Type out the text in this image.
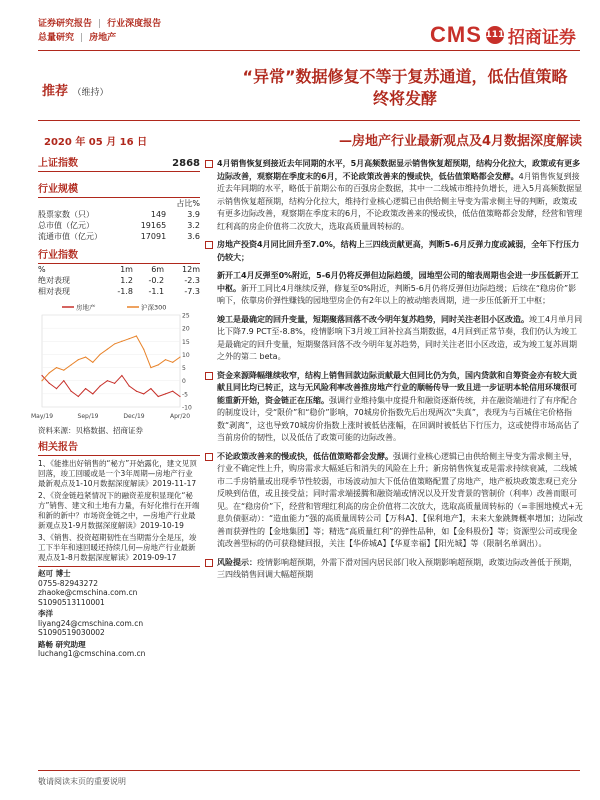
证券研究报告 | 行业深度报告
总量研究 | 房地产	CMS 111 招商证券
推荐 （维持）
“异常”数据修复不等于复苏通道，低估值策略
终将发酵
2020 年 05 月 16 日	—房地产行业最新观点及4月数据深度解读
上证指数	2868
行业规模
		占比%
股票家数（只）	149	3.9
总市值（亿元）	19165	3.2
流通市值（亿元）	17091	3.6
行业指数
%	1m	6m	12m
绝对表现	1.2	-0.2	-2.3
相对表现	-1.8	-1.1	-7.3
25
20
15
10
5
0
-5
-10
May/19	Sep/19	Dec/19	Apr/20
房地产	沪深300
资料来源：贝格数据、招商证券
相关报告

1、《能推出好销售的“秘方”开始露化，建文见顶回落，竣工回暖或是一个3年周期—房地产行业最新观点及1-10月数据深度解读》2019-11-17

2、《资金链趋紧情况下的融资差度积显现化“秘方”销售、建文和土地有力量，有好化推行在开端和新的新中？市场资金链之中，—房地产行业最新观点及1-9月数据深度解读》2019-10-19

3、《销售、投资超期韧性在当期需分全是压，竣工下半年和速回暖还持续几何—房地产行业最新观点及1-8月数据深度解读》2019-09-17

赵可 博士
0755-82943272
zhaoke@cmschina.com.cn
S1090513110001
李洋
liyang24@cmschina.com.cn
S1090519030002
路畅 研究助理
luchang1@cmschina.com.cn
4月销售恢复到接近去年同期的水平，5月高频数据显示销售恢复超预期，结构分化拉大，政策或有更多边际改善，观察期在季度末的6月，不论政策改善来的慢或快，低估值策略都会发酵。4月销售恢复到接近去年同期的水平，略低于前期公布的百强房企数据，其中一二线城市维持负增长，进入5月高频数据显示销售恢复超预期，结构分化拉大，维持行业核心逻辑已由供给侧主导变为需求侧主导的判断，政策或有更多边际改善，观察期在季度末的6月，不论政策改善来的慢或快，低估值策略都会发酵，经营和管理红利高的房企价值将二次放大，选取高质量周转标的。
房地产投资4月同比回升至7.0%，结构上三四线贡献更高，判断5-6月反弹力度或减弱，全年下行压力仍较大；
新开工4月反弹至0%附近，5-6月仍将反弹但边际趋缓，园地型公司的缩表周期也会进一步压低新开工中枢。新开工同比4月继续反弹，修复至0%附近，判断5-6月仍将反弹但边际趋缓；后续在“稳房价”影响下，依靠房价弹性赚钱的园地型房企仍有2年以上的被动缩表周期，进一步压低新开工中枢；
竣工是最确定的回升变量，短期聚落回落不改今明年复苏趋势，同时关注老旧小区改造。竣工4月单月同比下降7.9 PCT至-8.8%，疫情影响下3月竣工回补拉高当期数据，4月回到正常节奏，我们仍认为竣工是最确定的回升变量，短期聚落回落不改今明年复苏趋势，同时关注老旧小区改造，或为竣工复苏周期之外的第二 beta。
资金来源降幅继续收窄，结构上销售回款边际贡献最大但同比仍为负，国内贷款和自筹资金亦有较大贡献且同比均已转正，这与无风险利率改善推房地产行业的顺畅传导一致且进一步证明本轮信用环境很可能重新开始，资金链正在压缩。强调行业维持集中度提升和融资逐渐传统，并在融资端进行了有序配合的制度设计，受“限价”和“稳价”影响，70城房价指数先后出现两次“失真”，表现为与百城住宅价格指数“剥离”，这也导致70城房价指数上涨时被低估涨幅，在回调时被低估下行压力，这或使得市场高估了当前房价的韧性，以及低估了政策可能的边际改善。
不论政策改善来的慢或快，低估值策略都会发酵。强调行业核心逻辑已由供给侧主导变为需求侧主导，行业不确定性上升，购房需求大幅延后和消失的风险在上升；新房销售恢复或是需求持续衰减，二线城市二手房销量或出现季节性较弱，市场波动加大下低估值策略配置了房地产，地产板块政策悲观已充分反映到估值，或且接受益；同时需求端援腾和融资端或情况以及开发背景的管制价（利率）改善而眼可见。在“稳房价”下，经营和管理红利高的房企价值将二次放大，选取高质量周转标的（=非围地模式+无息负债驱动）：“造血能力”强的高质量周转公司【万科A】、【保利地产】，未来大象跳舞概率增加；边际改善而获弹性的【金地集团】等；精选“高质量红利”的弹性品种，如【金科股份】等；资源型公司或现金流改善型标的仍可获稳健回报，关注【华侨城A】【华夏幸福】【阳光城】等（限制名单调出）。
风险提示：疫情影响超预期，外需下滑对国内居民部门收入预期影响超预期，政策边际改善低于预期，三四线销售回调大幅超预期
敬请阅读末页的重要说明
